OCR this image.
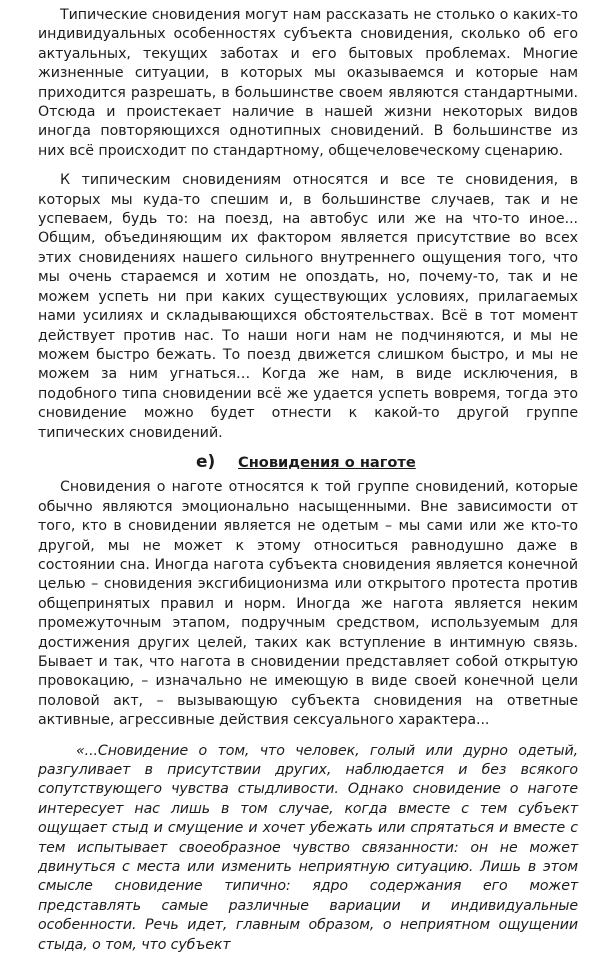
Типические сновидения могут нам рассказать не столько о каких-то индивидуальных особенностях субъекта сновидения, сколько об его актуальных, текущих заботах и его бытовых проблемах. Многие жизненные ситуации, в которых мы оказываемся и которые нам приходится разрешать, в большинстве своем являются стандартными. Отсюда и проистекает наличие в нашей жизни некоторых видов иногда повторяющихся однотипных сновидений. В большинстве из них всё происходит по стандартному, общечеловеческому сценарию.

К типическим сновидениям относятся и все те сновидения, в которых мы куда-то спешим и, в большинстве случаев, так и не успеваем, будь то: на поезд, на автобус или же на что-то иное... Общим, объединяющим их фактором является присутствие во всех этих сновидениях нашего сильного внутреннего ощущения того, что мы очень стараемся и хотим не опоздать, но, почему-то, так и не можем успеть ни при каких существующих условиях, прилагаемых нами усилиях и складывающихся обстоятельствах. Всё в тот момент действует против нас. То наши ноги нам не подчиняются, и мы не можем быстро бежать. То поезд движется слишком быстро, и мы не можем за ним угнаться… Когда же нам, в виде исключения, в подобного типа сновидении всё же удается успеть вовремя, тогда это сновидение можно будет отнести к какой-то другой группе типических сновидений.

е)	Сновидения о наготе

Сновидения о наготе относятся к той группе сновидений, которые обычно являются эмоционально насыщенными. Вне зависимости от того, кто в сновидении является не одетым – мы сами или же кто-то другой, мы не может к этому относиться равнодушно даже в состоянии сна. Иногда нагота субъекта сновидения является конечной целью – сновидения эксгибиционизма или открытого протеста против общепринятых правил и норм. Иногда же нагота является неким промежуточным этапом, подручным средством, используемым для достижения других целей, таких как вступление в интимную связь. Бывает и так, что нагота в сновидении представляет собой открытую провокацию, – изначально не имеющую в виде своей конечной цели половой акт, – вызывающую субъекта сновидения на ответные активные, агрессивные действия сексуального характера...

«...Сновидение о том, что человек, голый или дурно одетый, разгуливает в присутствии других, наблюдается и без всякого сопутствующего чувства стыдливости. Однако сновидение о наготе интересует нас лишь в том случае, когда вместе с тем субъект ощущает стыд и смущение и хочет убежать или спрятаться и вместе с тем испытывает своеобразное чувство связанности: он не может двинуться с места или изменить неприятную ситуацию. Лишь в этом смысле сновидение типично: ядро содержания его может представлять самые различные вариации и индивидуальные особенности. Речь идет, главным образом, о неприятном ощущении стыда, о том, что субъект
